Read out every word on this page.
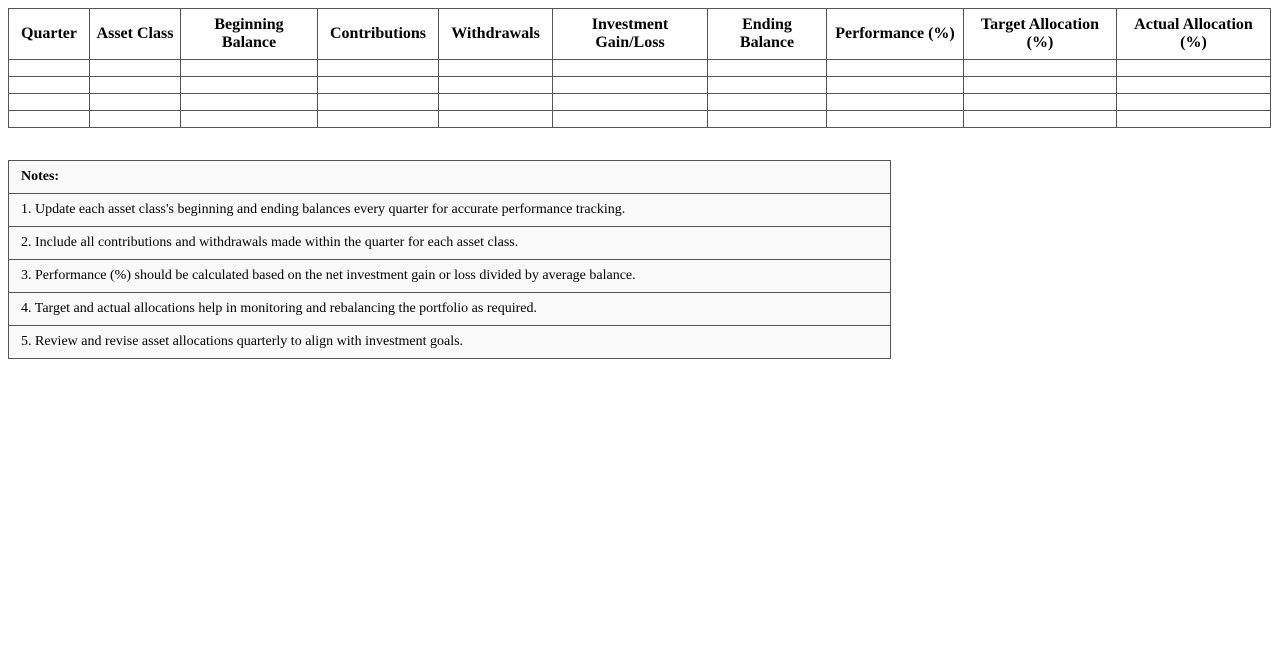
Quarter	Asset Class	Beginning Balance	Contributions	Withdrawals	Investment Gain/Loss	Ending Balance	Performance (%)	Target Allocation (%)	Actual Allocation (%)

Notes:
1. Update each asset class's beginning and ending balances every quarter for accurate performance tracking.
2. Include all contributions and withdrawals made within the quarter for each asset class.
3. Performance (%) should be calculated based on the net investment gain or loss divided by average balance.
4. Target and actual allocations help in monitoring and rebalancing the portfolio as required.
5. Review and revise asset allocations quarterly to align with investment goals.
